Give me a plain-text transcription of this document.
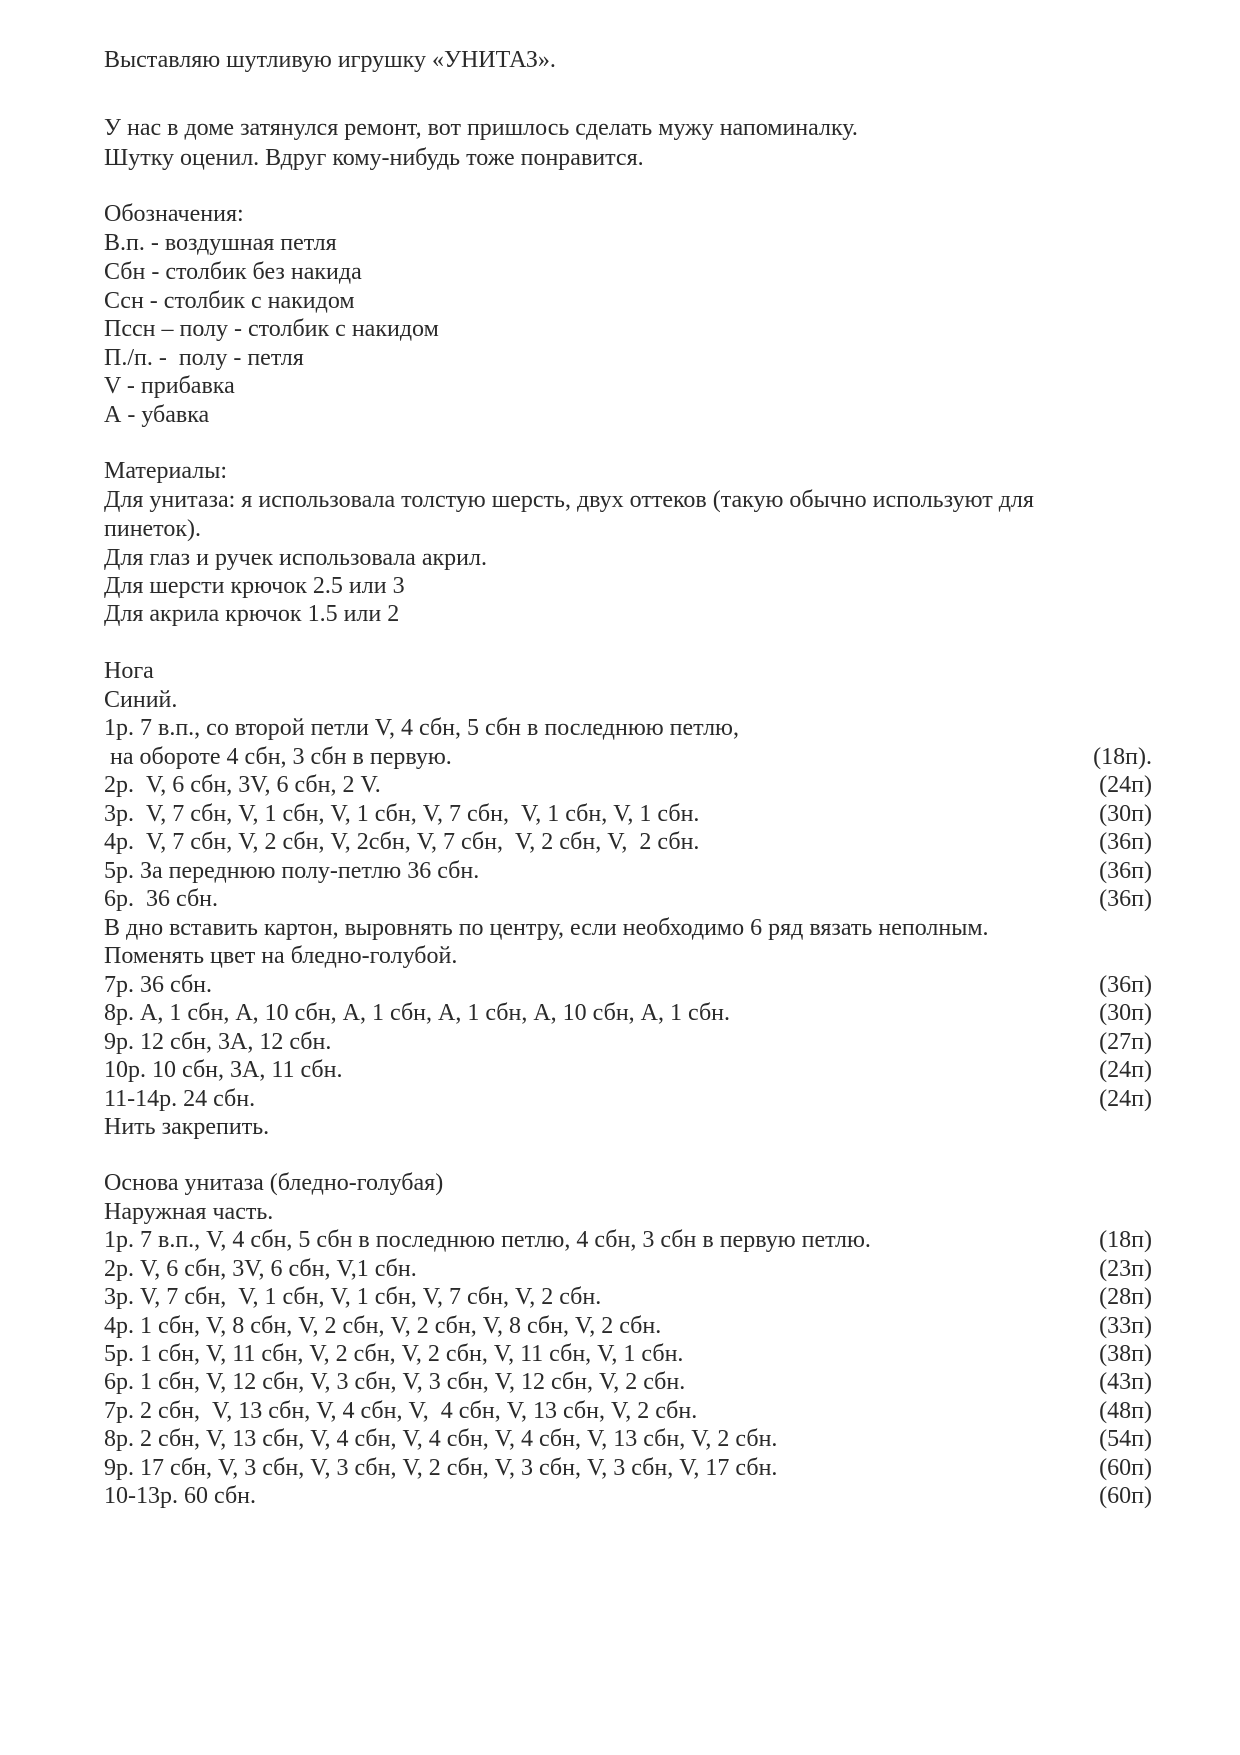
Выставляю шутливую игрушку «УНИТАЗ».
У нас в доме затянулся ремонт, вот пришлось сделать мужу напоминалку.
Шутку оценил. Вдруг кому-нибудь тоже понравится.
Обозначения:
В.п. - воздушная петля
Сбн - столбик без накида
Ссн - столбик с накидом
Пссн – полу - столбик с накидом
П./п. -  полу - петля
V - прибавка
А - убавка
Материалы:
Для унитаза: я использовала толстую шерсть, двух оттеков (такую обычно используют для
пинеток).
Для глаз и ручек использовала акрил.
Для шерсти крючок 2.5 или 3
Для акрила крючок 1.5 или 2
Нога
Синий.
1р. 7 в.п., со второй петли V, 4 сбн, 5 сбн в последнюю петлю,
на обороте 4 сбн, 3 сбн в первую.	(18п).
2р.  V, 6 сбн, 3V, 6 сбн, 2 V.	(24п)
3р.  V, 7 сбн, V, 1 сбн, V, 1 сбн, V, 7 сбн,  V, 1 сбн, V, 1 сбн.	(30п)
4р.  V, 7 сбн, V, 2 сбн, V, 2сбн, V, 7 сбн,  V, 2 сбн, V,  2 сбн.	(36п)
5р. За переднюю полу-петлю 36 сбн.	(36п)
6р.  36 сбн.	(36п)
В дно вставить картон, выровнять по центру, если необходимо 6 ряд вязать неполным.
Поменять цвет на бледно-голубой.
7р. 36 сбн.	(36п)
8р. А, 1 сбн, А, 10 сбн, А, 1 сбн, А, 1 сбн, А, 10 сбн, А, 1 сбн.	(30п)
9р. 12 сбн, 3А, 12 сбн.	(27п)
10р. 10 сбн, 3А, 11 сбн.	(24п)
11-14р. 24 сбн.	(24п)
Нить закрепить.
Основа унитаза (бледно-голубая)
Наружная часть.
1р. 7 в.п., V, 4 сбн, 5 сбн в последнюю петлю, 4 сбн, 3 сбн в первую петлю.	(18п)
2р. V, 6 сбн, 3V, 6 сбн, V,1 сбн.	(23п)
3р. V, 7 сбн,  V, 1 сбн, V, 1 сбн, V, 7 сбн, V, 2 сбн.	(28п)
4р. 1 сбн, V, 8 сбн, V, 2 сбн, V, 2 сбн, V, 8 сбн, V, 2 сбн.	(33п)
5р. 1 сбн, V, 11 сбн, V, 2 сбн, V, 2 сбн, V, 11 сбн, V, 1 сбн.	(38п)
6р. 1 сбн, V, 12 сбн, V, 3 сбн, V, 3 сбн, V, 12 сбн, V, 2 сбн.	(43п)
7р. 2 сбн,  V, 13 сбн, V, 4 сбн, V,  4 сбн, V, 13 сбн, V, 2 сбн.	(48п)
8р. 2 сбн, V, 13 сбн, V, 4 сбн, V, 4 сбн, V, 4 сбн, V, 13 сбн, V, 2 сбн.	(54п)
9р. 17 сбн, V, 3 сбн, V, 3 сбн, V, 2 сбн, V, 3 сбн, V, 3 сбн, V, 17 сбн.	(60п)
10-13р. 60 сбн.	(60п)
